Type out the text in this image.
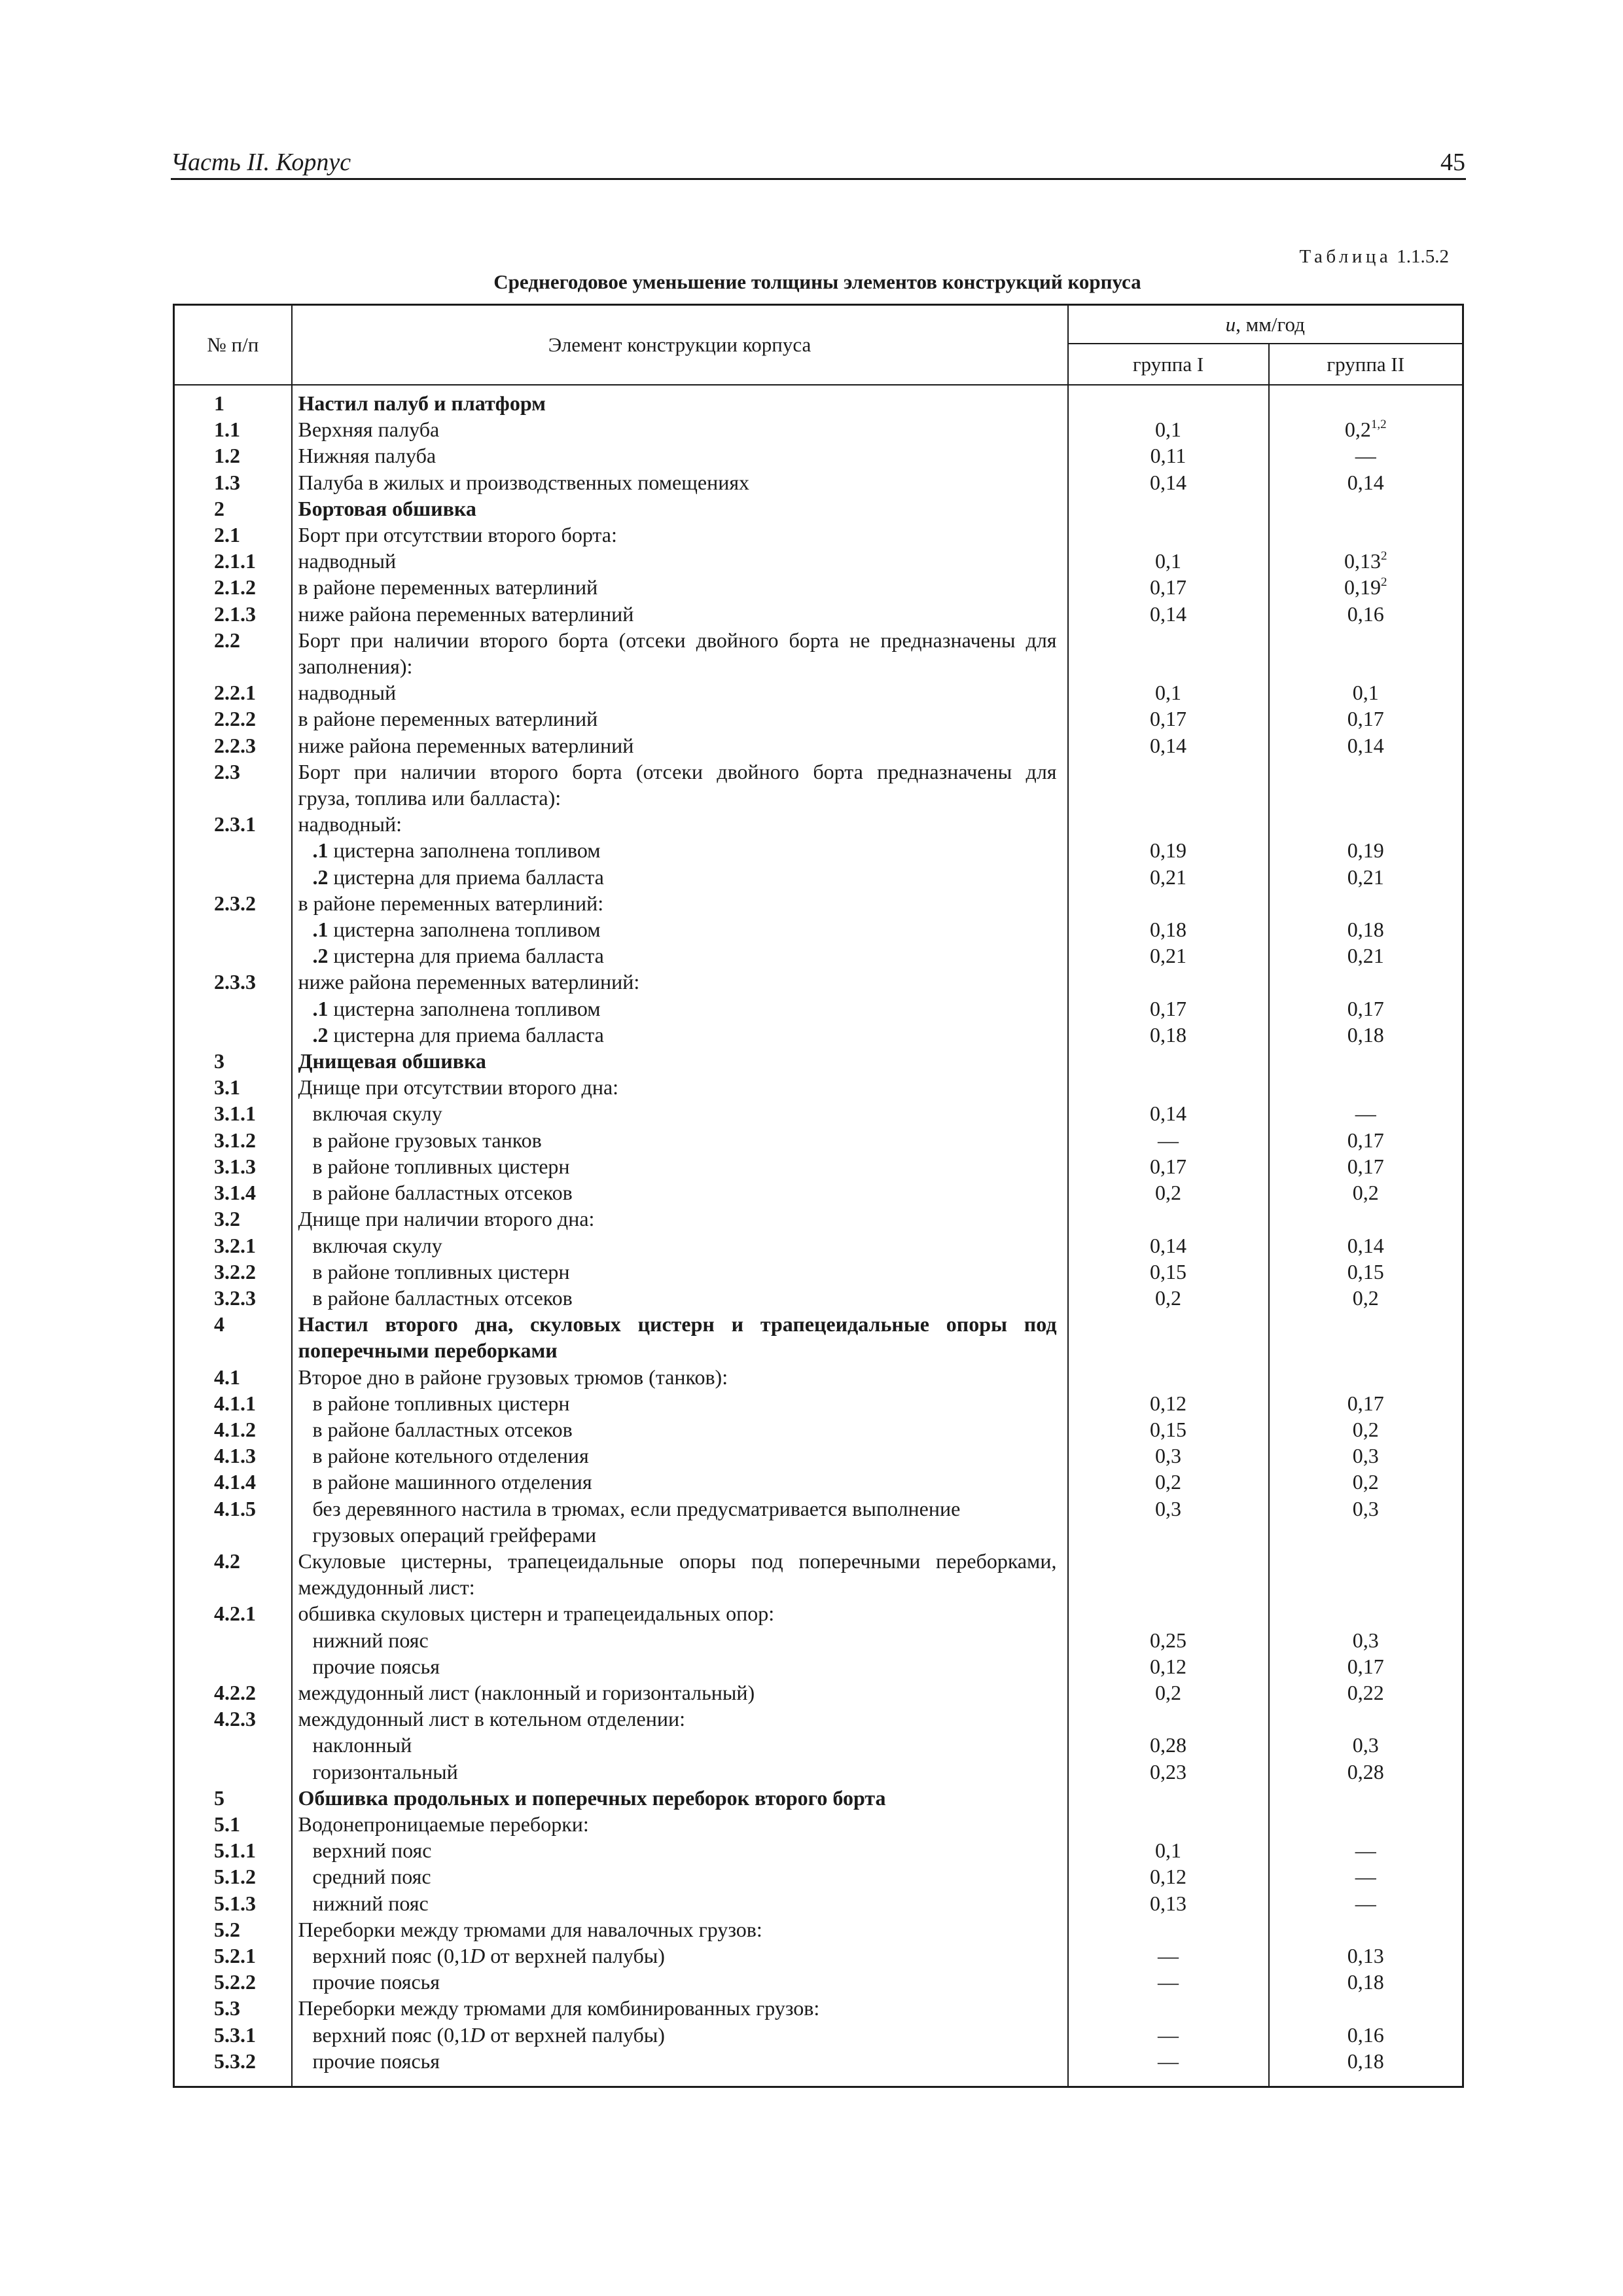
Часть II. Корпус	45
Таблица 1.1.5.2
Среднегодовое уменьшение толщины элементов конструкций корпуса
№ п/п	Элемент конструкции корпуса	u, мм/год	
		группа I	группа II

1	Настил палуб и платформ		
1.1	Верхняя палуба	0,1	0,2$^{1,2}$
1.2	Нижняя палуба	0,11	—
1.3	Палуба в жилых и производственных помещениях	0,14	0,14
2	Бортовая обшивка		
2.1	Борт при отсутствии второго борта:		
2.1.1	надводный	0,1	0,13$^2$
2.1.2	в районе переменных ватерлиний	0,17	0,19$^2$
2.1.3	ниже района переменных ватерлиний	0,14	0,16
2.2	Борт при наличии второго борта (отсеки двойного борта не предназначены для
заполнения):		

2.2.1	надводный	0,1	0,1
2.2.2	в районе переменных ватерлиний	0,17	0,17
2.2.3	ниже района переменных ватерлиний	0,14	0,14
2.3	Борт при наличии второго борта (отсеки двойного борта предназначены для
груза, топлива или балласта):		

2.3.1	надводный:		
	.1 цистерна заполнена топливом	0,19	0,19
	.2 цистерна для приема балласта	0,21	0,21
2.3.2	в районе переменных ватерлиний:		
	.1 цистерна заполнена топливом	0,18	0,18
	.2 цистерна для приема балласта	0,21	0,21
2.3.3	ниже района переменных ватерлиний:		
	.1 цистерна заполнена топливом	0,17	0,17
	.2 цистерна для приема балласта	0,18	0,18
3	Днищевая обшивка		
3.1	Днище при отсутствии второго дна:		
3.1.1	включая скулу	0,14	—
3.1.2	в районе грузовых танков	—	0,17
3.1.3	в районе топливных цистерн	0,17	0,17
3.1.4	в районе балластных отсеков	0,2	0,2
3.2	Днище при наличии второго дна:		
3.2.1	включая скулу	0,14	0,14
3.2.2	в районе топливных цистерн	0,15	0,15
3.2.3	в районе балластных отсеков	0,2	0,2
4	Настил второго дна, скуловых цистерн и трапецеидальные опоры под
поперечными переборками		

4.1	Второе дно в районе грузовых трюмов (танков):		
4.1.1	в районе топливных цистерн	0,12	0,17
4.1.2	в районе балластных отсеков	0,15	0,2
4.1.3	в районе котельного отделения	0,3	0,3
4.1.4	в районе машинного отделения	0,2	0,2
4.1.5	без деревянного настила в трюмах, если предусматривается выполнение
грузовых операций грейферами	0,3	0,3
4.2	Скуловые цистерны, трапецеидальные опоры под поперечными переборками,
междудонный лист:		

4.2.1	обшивка скуловых цистерн и трапецеидальных опор:		
	нижний пояс	0,25	0,3
	прочие поясья	0,12	0,17
4.2.2	междудонный лист (наклонный и горизонтальный)	0,2	0,22
4.2.3	междудонный лист в котельном отделении:		
	наклонный	0,28	0,3
	горизонтальный	0,23	0,28
5	Обшивка продольных и поперечных переборок второго борта		
5.1	Водонепроницаемые переборки:		
5.1.1	верхний пояс	0,1	—
5.1.2	средний пояс	0,12	—
5.1.3	нижний пояс	0,13	—
5.2	Переборки между трюмами для навалочных грузов:		
5.2.1	верхний пояс (0,1D от верхней палубы)	—	0,13
5.2.2	прочие поясья	—	0,18
5.3	Переборки между трюмами для комбинированных грузов:		
5.3.1	верхний пояс (0,1D от верхней палубы)	—	0,16
5.3.2	прочие поясья	—	0,18
